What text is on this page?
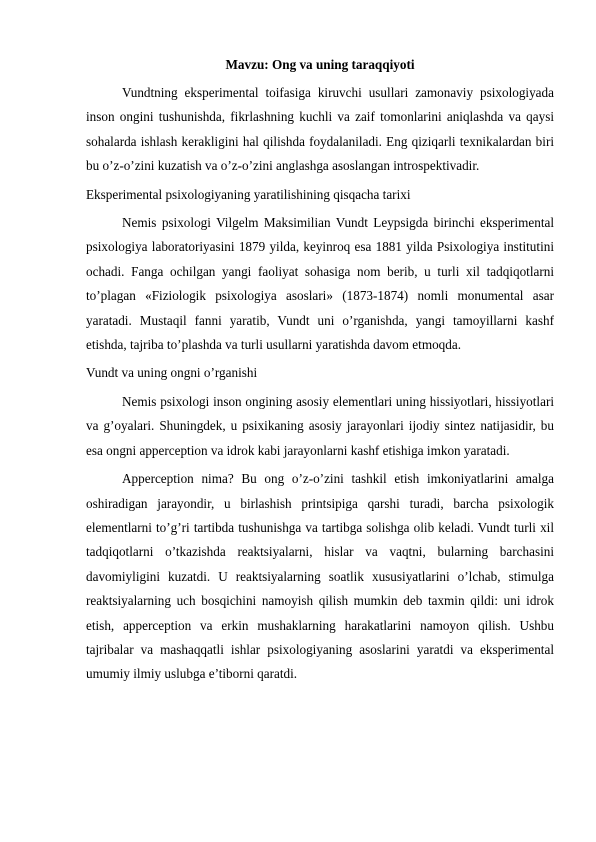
Mavzu: Ong va uning taraqqiyoti

Vundtning eksperimental toifasiga kiruvchi usullari zamonaviy psixologiyada inson ongini tushunishda, fikrlashning kuchli va zaif tomonlarini aniqlashda va qaysi sohalarda ishlash kerakligini hal qilishda foydalaniladi. Eng qiziqarli texnikalardan biri bu o’z-o’zini kuzatish va o’z-o’zini anglashga asoslangan introspektivadir.

Eksperimental psixologiyaning yaratilishining qisqacha tarixi

Nemis psixologi Vilgelm Maksimilian Vundt Leypsigda birinchi eksperimental psixologiya laboratoriyasini 1879 yilda, keyinroq esa 1881 yilda Psixologiya institutini ochadi. Fanga ochilgan yangi faoliyat sohasiga nom berib, u turli xil tadqiqotlarni to’plagan «Fiziologik psixologiya asoslari» (1873-1874) nomli monumental asar yaratadi. Mustaqil fanni yaratib, Vundt uni o’rganishda, yangi tamoyillarni kashf etishda, tajriba to’plashda va turli usullarni yaratishda davom etmoqda.

Vundt va uning ongni o’rganishi

Nemis psixologi inson ongining asosiy elementlari uning hissiyotlari, hissiyotlari va g’oyalari. Shuningdek, u psixikaning asosiy jarayonlari ijodiy sintez natijasidir, bu esa ongni apperception va idrok kabi jarayonlarni kashf etishiga imkon yaratadi.

Apperception nima? Bu ong o’z-o’zini tashkil etish imkoniyatlarini amalga oshiradigan jarayondir, u birlashish printsipiga qarshi turadi, barcha psixologik elementlarni to’g’ri tartibda tushunishga va tartibga solishga olib keladi. Vundt turli xil tadqiqotlarni o’tkazishda reaktsiyalarni, hislar va vaqtni, bularning barchasini davomiyligini kuzatdi. U reaktsiyalarning soatlik xususiyatlarini o’lchab, stimulga reaktsiyalarning uch bosqichini namoyish qilish mumkin deb taxmin qildi: uni idrok etish, apperception va erkin mushaklarning harakatlarini namoyon qilish. Ushbu tajribalar va mashaqqatli ishlar psixologiyaning asoslarini yaratdi va eksperimental umumiy ilmiy uslubga e’tiborni qaratdi.
